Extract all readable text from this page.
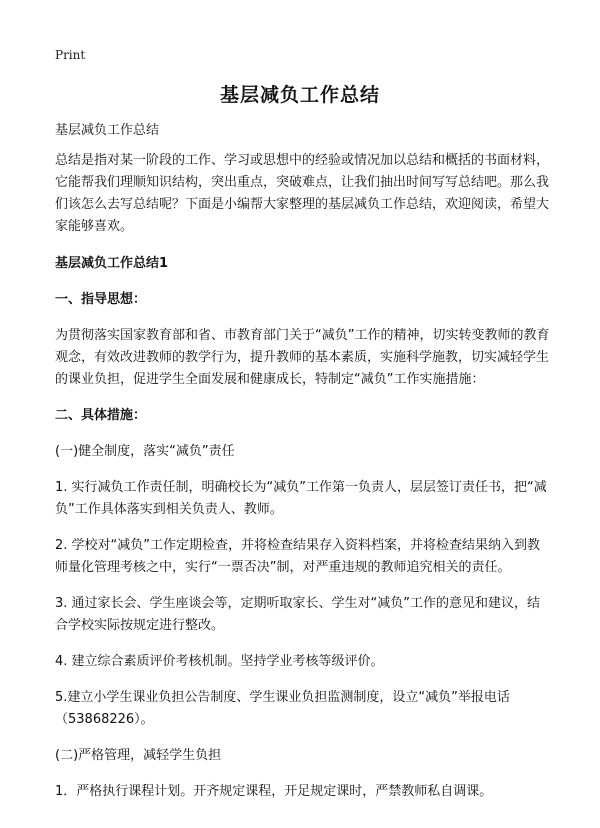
Print
基层减负工作总结

基层减负工作总结

总结是指对某一阶段的工作、学习或思想中的经验或情况加以总结和概括的书面材料，它能帮我们理顺知识结构，突出重点，突破难点，让我们抽出时间写写总结吧。那么我们该怎么去写总结呢？下面是小编帮大家整理的基层减负工作总结，欢迎阅读，希望大家能够喜欢。

基层减负工作总结1

一、指导思想：

为贯彻落实国家教育部和省、市教育部门关于“减负”工作的精神，切实转变教师的教育观念，有效改进教师的教学行为，提升教师的基本素质，实施科学施教，切实减轻学生的课业负担，促进学生全面发展和健康成长，特制定“减负”工作实施措施：

二、具体措施：

(一)健全制度，落实“减负”责任

1. 实行减负工作责任制，明确校长为“减负”工作第一负责人，层层签订责任书，把“减负”工作具体落实到相关负责人、教师。

2. 学校对“减负”工作定期检查，并将检查结果存入资料档案，并将检查结果纳入到教师量化管理考核之中，实行“一票否决”制，对严重违规的教师追究相关的责任。

3. 通过家长会、学生座谈会等，定期听取家长、学生对“减负”工作的意见和建议，结合学校实际按规定进行整改。

4. 建立综合素质评价考核机制。坚持学业考核等级评价。

5.建立小学生课业负担公告制度、学生课业负担监测制度，设立“减负”举报电话（53868226）。

(二)严格管理，减轻学生负担

1．严格执行课程计划。开齐规定课程，开足规定课时，严禁教师私自调课。
